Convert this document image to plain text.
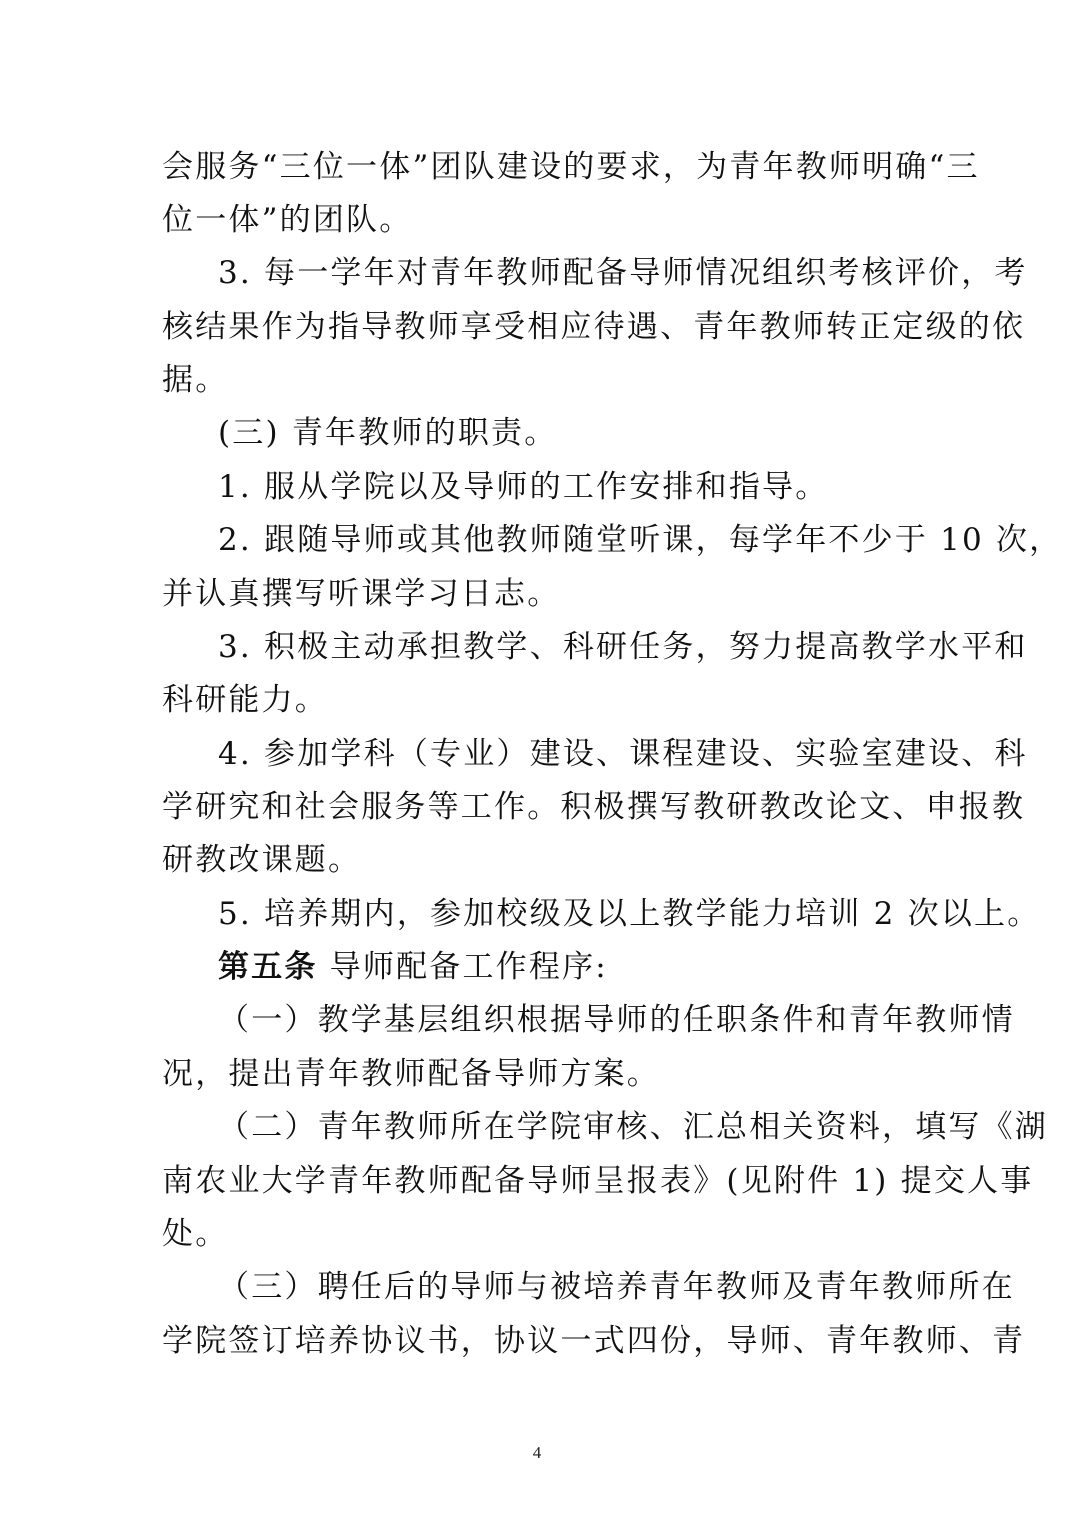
会服务“三位一体”团队建设的要求，为青年教师明确“三
位一体”的团队。
3. 每一学年对青年教师配备导师情况组织考核评价，考
核结果作为指导教师享受相应待遇、青年教师转正定级的依
据。
(三) 青年教师的职责。
1. 服从学院以及导师的工作安排和指导。
2. 跟随导师或其他教师随堂听课，每学年不少于 10 次，
并认真撰写听课学习日志。
3. 积极主动承担教学、科研任务，努力提高教学水平和
科研能力。
4. 参加学科（专业）建设、课程建设、实验室建设、科
学研究和社会服务等工作。积极撰写教研教改论文、申报教
研教改课题。
5. 培养期内，参加校级及以上教学能力培训 2 次以上。
第五条 导师配备工作程序:
（一）教学基层组织根据导师的任职条件和青年教师情
况，提出青年教师配备导师方案。
（二）青年教师所在学院审核、汇总相关资料，填写《湖
南农业大学青年教师配备导师呈报表》(见附件 1) 提交人事
处。
（三）聘任后的导师与被培养青年教师及青年教师所在
学院签订培养协议书，协议一式四份，导师、青年教师、青
4
